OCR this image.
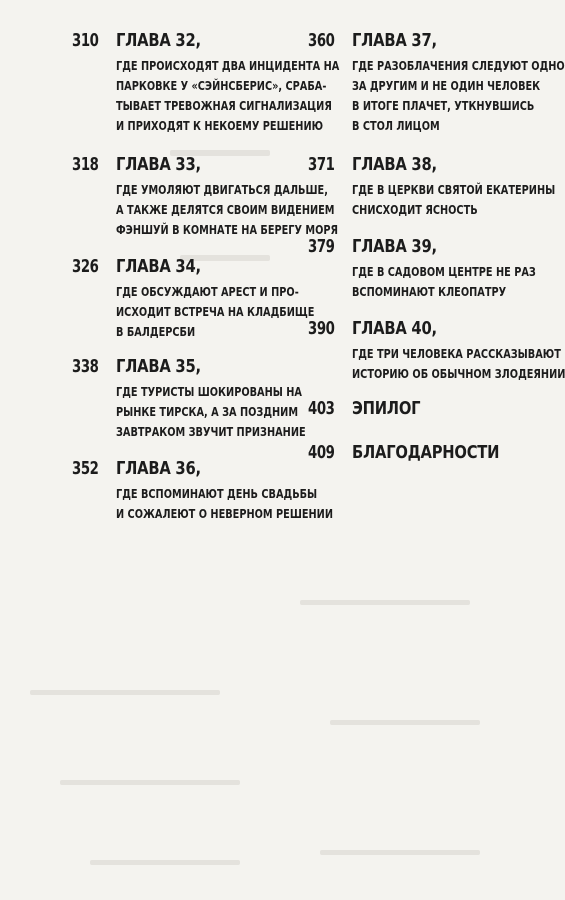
310 ГЛАВА 32,
ГДЕ ПРОИСХОДЯТ ДВА ИНЦИДЕНТА НА
ПАРКОВКЕ У «СЭЙНСБЕРИС», СРАБА-
ТЫВАЕТ ТРЕВОЖНАЯ СИГНАЛИЗАЦИЯ
И ПРИХОДЯТ К НЕКОЕМУ РЕШЕНИЮ
318 ГЛАВА 33,
ГДЕ УМОЛЯЮТ ДВИГАТЬСЯ ДАЛЬШЕ,
А ТАКЖЕ ДЕЛЯТСЯ СВОИМ ВИДЕНИЕМ
ФЭНШУЙ В КОМНАТЕ НА БЕРЕГУ МОРЯ
326 ГЛАВА 34,
ГДЕ ОБСУЖДАЮТ АРЕСТ И ПРО-
ИСХОДИТ ВСТРЕЧА НА КЛАДБИЩЕ
В БАЛДЕРСБИ
338 ГЛАВА 35,
ГДЕ ТУРИСТЫ ШОКИРОВАНЫ НА
РЫНКЕ ТИРСКА, А ЗА ПОЗДНИМ
ЗАВТРАКОМ ЗВУЧИТ ПРИЗНАНИЕ
352 ГЛАВА 36,
ГДЕ ВСПОМИНАЮТ ДЕНЬ СВАДЬБЫ
И СОЖАЛЕЮТ О НЕВЕРНОМ РЕШЕНИИ
360 ГЛАВА 37,
ГДЕ РАЗОБЛАЧЕНИЯ СЛЕДУЮТ ОДНО
ЗА ДРУГИМ И НЕ ОДИН ЧЕЛОВЕК
В ИТОГЕ ПЛАЧЕТ, УТКНУВШИСЬ
В СТОЛ ЛИЦОМ
371 ГЛАВА 38,
ГДЕ В ЦЕРКВИ СВЯТОЙ ЕКАТЕРИНЫ
СНИСХОДИТ ЯСНОСТЬ
379 ГЛАВА 39,
ГДЕ В САДОВОМ ЦЕНТРЕ НЕ РАЗ
ВСПОМИНАЮТ КЛЕОПАТРУ
390 ГЛАВА 40,
ГДЕ ТРИ ЧЕЛОВЕКА РАССКАЗЫВАЮТ
ИСТОРИЮ ОБ ОБЫЧНОМ ЗЛОДЕЯНИИ
403 ЭПИЛОГ
409 БЛАГОДАРНОСТИ
